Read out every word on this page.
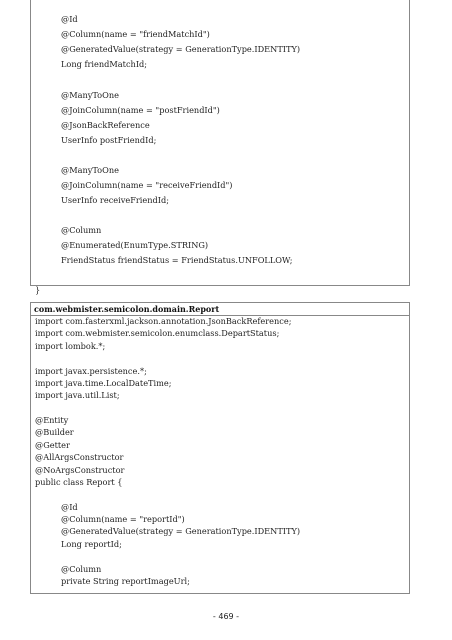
com.webmister.semicolon.domain.Report
@Id
@Column(name = "friendMatchId")
@GeneratedValue(strategy = GenerationType.IDENTITY)
Long friendMatchId;
@ManyToOne
@JoinColumn(name = "postFriendId")
@JsonBackReference
UserInfo postFriendId;
@ManyToOne
@JoinColumn(name = "receiveFriendId")
UserInfo receiveFriendId;
@Column
@Enumerated(EnumType.STRING)
FriendStatus friendStatus = FriendStatus.UNFOLLOW;
}
import com.fasterxml.jackson.annotation.JsonBackReference;
import com.webmister.semicolon.enumclass.DepartStatus;
import lombok.*;
import javax.persistence.*;
import java.time.LocalDateTime;
import java.util.List;
@Entity
@Builder
@Getter
@AllArgsConstructor
@NoArgsConstructor
public class Report {
@Id
@Column(name = "reportId")
@GeneratedValue(strategy = GenerationType.IDENTITY)
Long reportId;
@Column
private String reportImageUrl;
- 469 -
